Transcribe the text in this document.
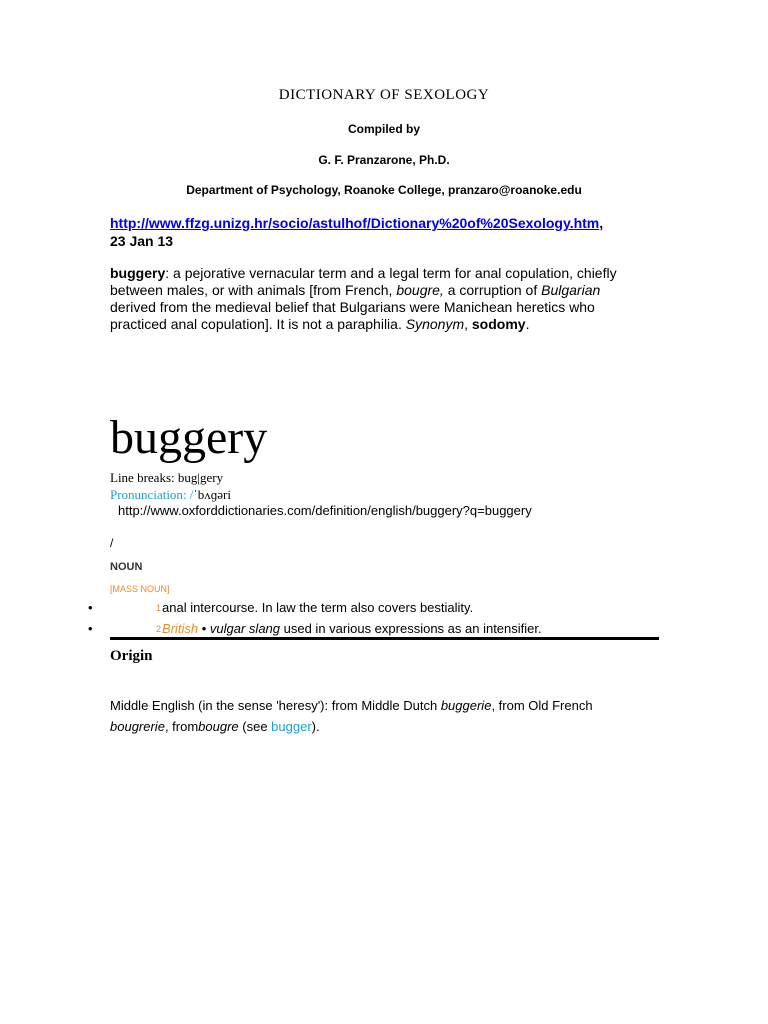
DICTIONARY OF SEXOLOGY
Compiled by
G. F. Pranzarone, Ph.D.
Department of Psychology, Roanoke College, pranzaro@roanoke.edu
http://www.ffzg.unizg.hr/socio/astulhof/Dictionary%20of%20Sexology.htm,
23 Jan 13
buggery: a pejorative vernacular term and a legal term for anal copulation, chiefly between males, or with animals [from French, bougre, a corruption of Bulgarian derived from the medieval belief that Bulgarians were Manichean heretics who practiced anal copulation]. It is not a paraphilia. Synonym, sodomy.
buggery
Line breaks: bug|gery
Pronunciation: /ˈbʌɡəri
http://www.oxforddictionaries.com/definition/english/buggery?q=buggery
/
NOUN
[MASS NOUN]
•	1 anal intercourse. In law the term also covers bestiality.
•	2 British • vulgar slang used in various expressions as an intensifier.
Origin
Middle English (in the sense 'heresy'): from Middle Dutch buggerie, from Old French bougrerie, frombougre (see bugger).
